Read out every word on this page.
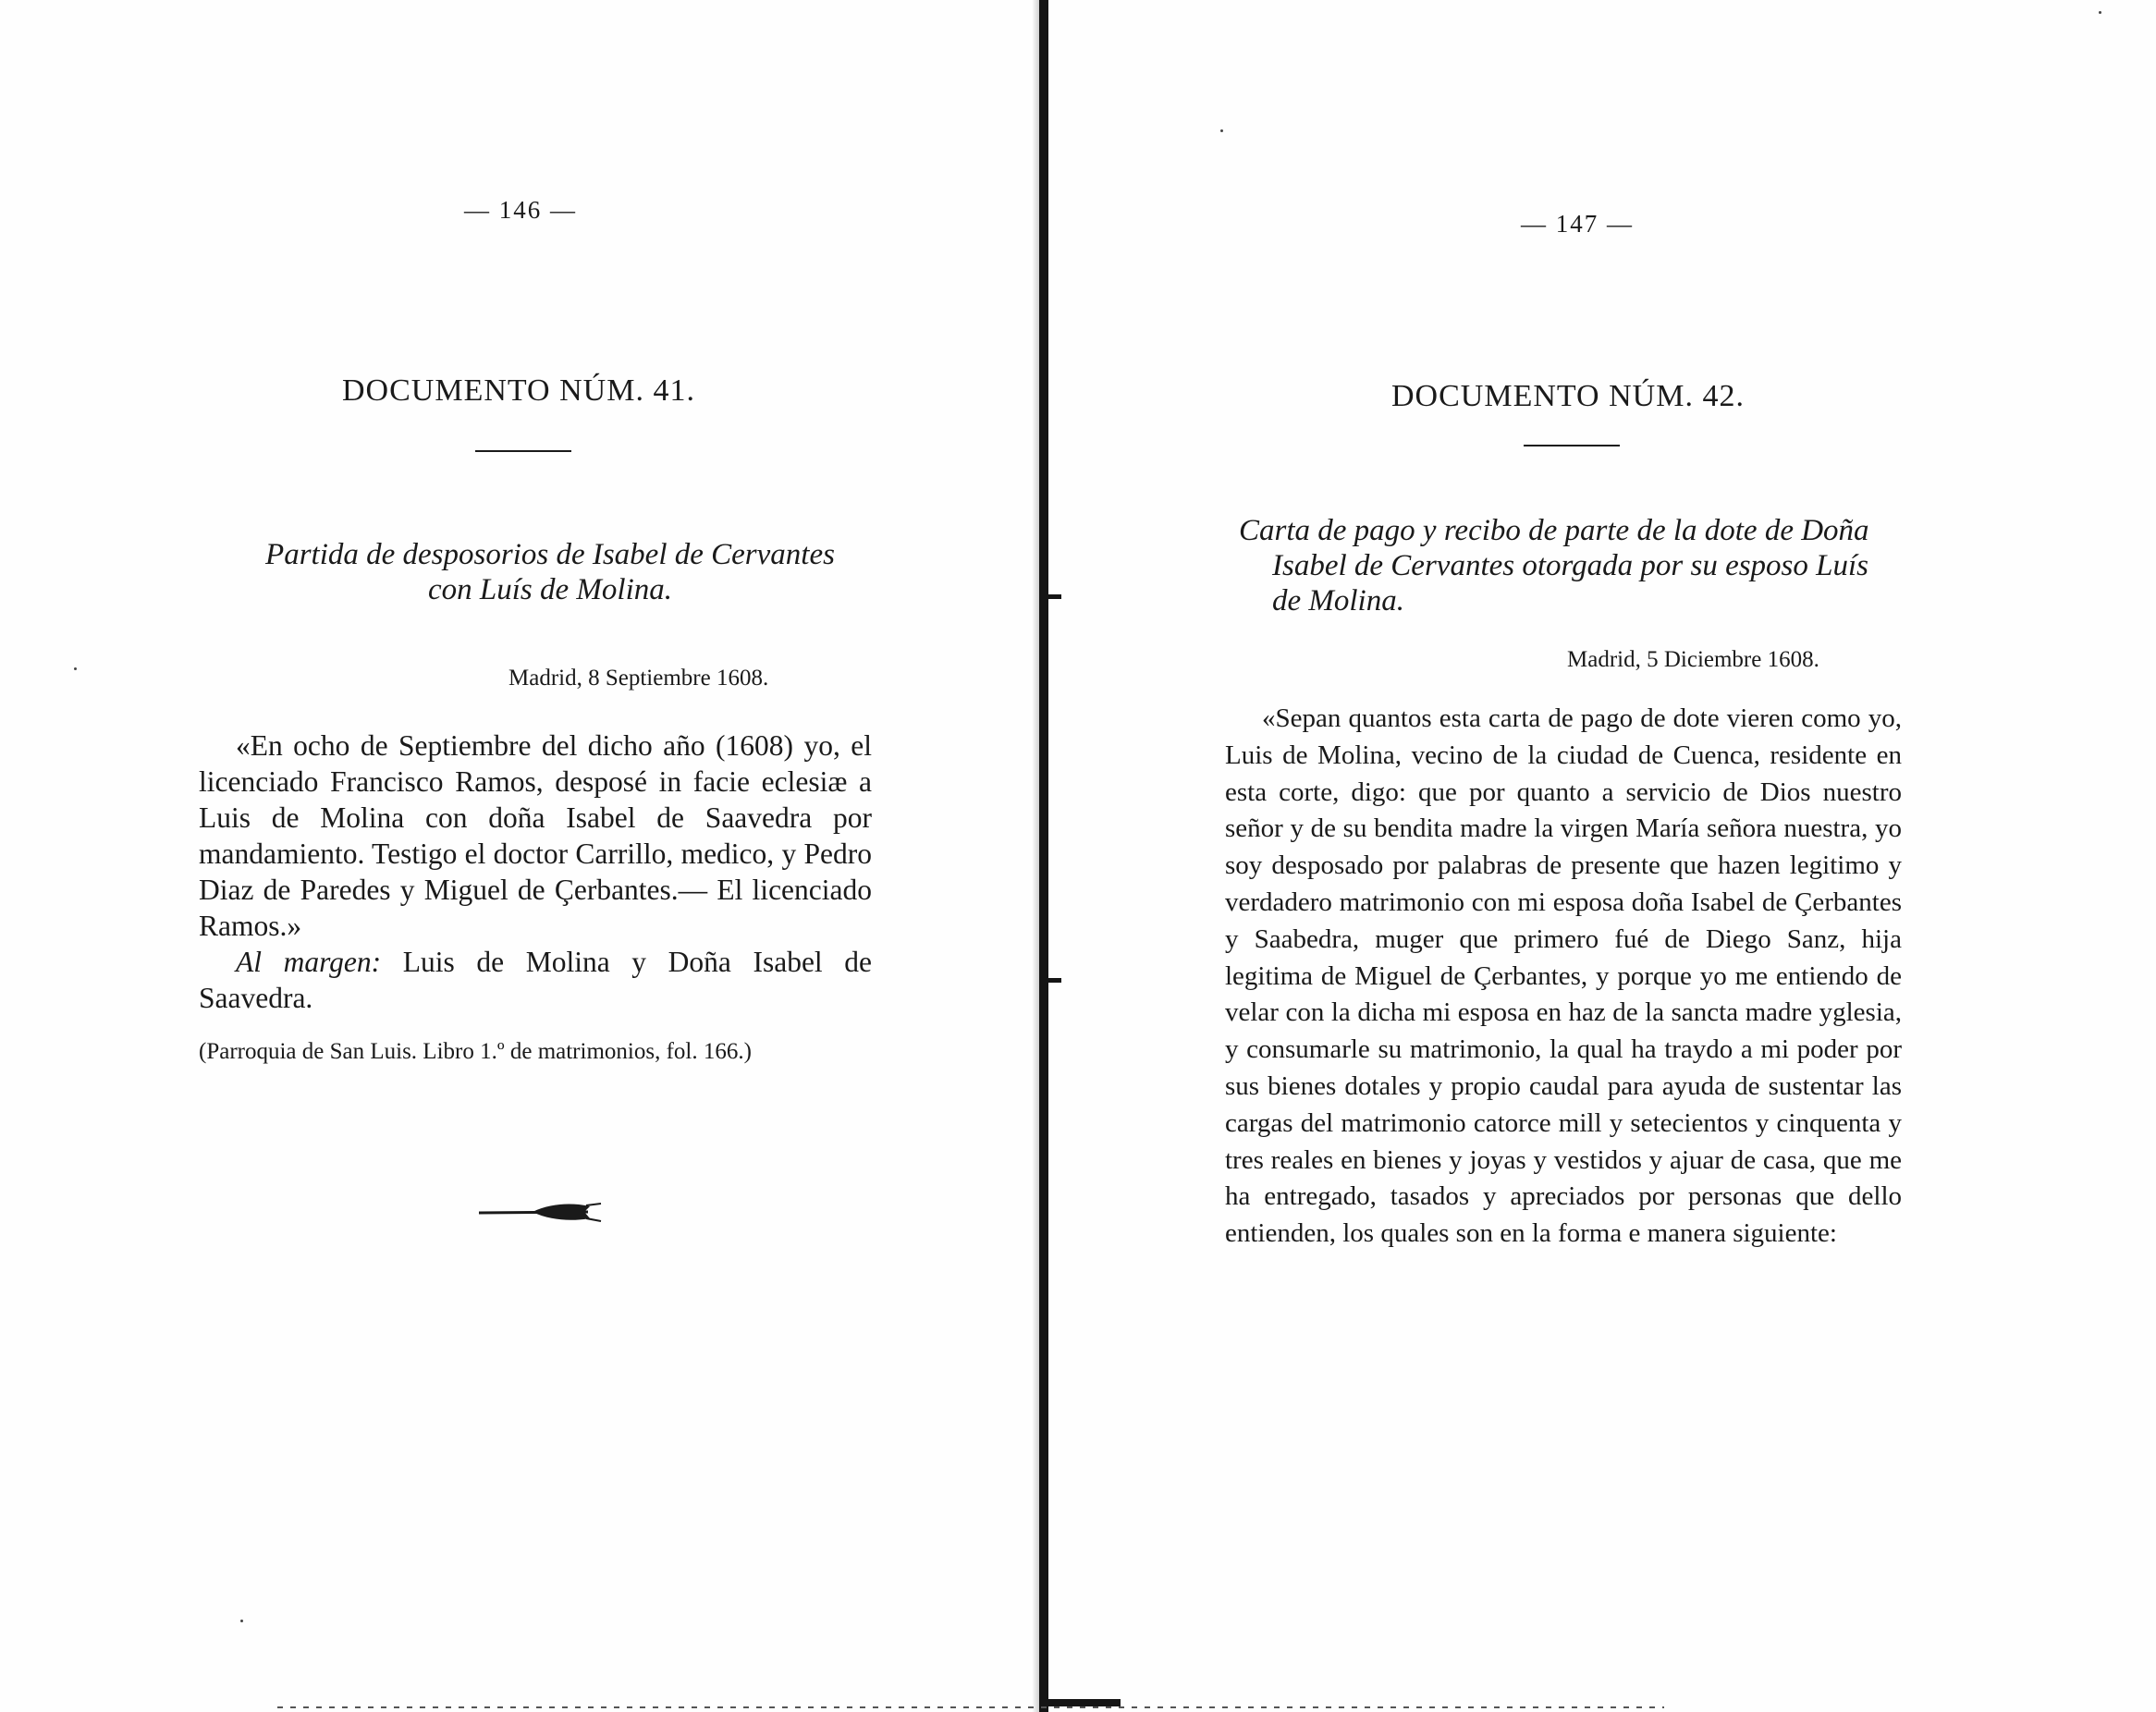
— 146 —
DOCUMENTO NÚM. 41.
Partida de desposorios de Isabel de Cervantes
con Luís de Molina.
Madrid, 8 Septiembre 1608.

«En ocho de Septiembre del dicho año (1608) yo, el licenciado Francisco Ramos, desposé in facie eclesiæ a Luis de Molina con doña Isabel de Saavedra por mandamiento. Testigo el doctor Carrillo, medico, y Pedro Diaz de Paredes y Miguel de Çerbantes.— El licenciado Ramos.»

Al margen: Luis de Molina y Doña Isabel de Saavedra.

(Parroquia de San Luis. Libro 1.º de matrimonios, fol. 166.)
— 147 —
DOCUMENTO NÚM. 42.
Carta de pago y recibo de parte de la dote de Doña
Isabel de Cervantes otorgada por su esposo Luís
de Molina.
Madrid, 5 Diciembre 1608.

«Sepan quantos esta carta de pago de dote vieren como yo, Luis de Molina, vecino de la ciudad de Cuenca, residente en esta corte, digo: que por quanto a servicio de Dios nuestro señor y de su bendita madre la virgen María señora nuestra, yo soy desposado por palabras de presente que hazen legitimo y verdadero matrimonio con mi esposa doña Isabel de Çerbantes y Saabedra, muger que primero fué de Diego Sanz, hija legitima de Miguel de Çerbantes, y porque yo me entiendo de velar con la dicha mi esposa en haz de la sancta madre yglesia, y consumarle su matrimonio, la qual ha traydo a mi poder por sus bienes dotales y propio caudal para ayuda de sustentar las cargas del matrimonio catorce mill y setecientos y cinquenta y tres reales en bienes y joyas y vestidos y ajuar de casa, que me ha entregado, tasados y apreciados por personas que dello entienden, los quales son en la forma e manera siguiente:
